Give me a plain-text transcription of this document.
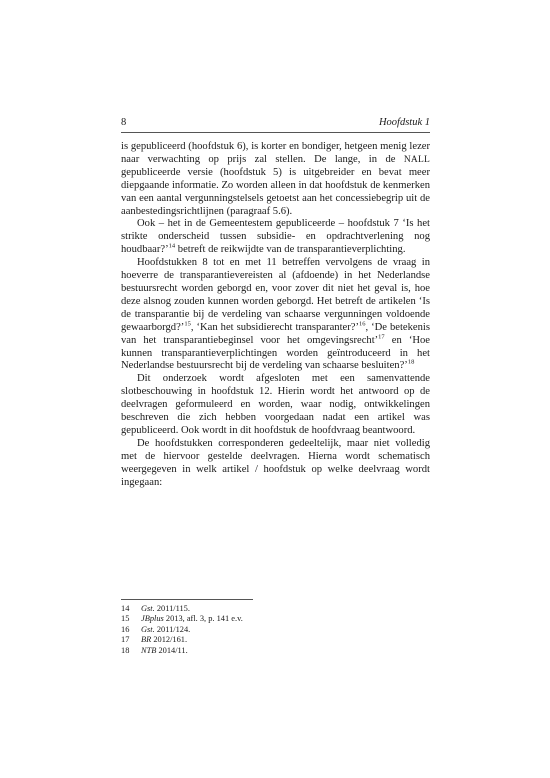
8	Hoofdstuk 1

is gepubliceerd (hoofdstuk 6), is korter en bondiger, hetgeen menig lezer naar verwachting op prijs zal stellen. De lange, in de NALL gepubliceerde versie (hoofdstuk 5) is uitgebreider en bevat meer diepgaande informatie. Zo worden alleen in dat hoofdstuk de kenmerken van een aantal vergunningstelsels getoetst aan het concessiebegrip uit de aanbestedingsrichtlijnen (paragraaf 5.6).

Ook – het in de Gemeentestem gepubliceerde – hoofdstuk 7 ‘Is het strikte onderscheid tussen subsidie- en opdrachtverlening nog houdbaar?’$^{14}$ betreft de reikwijdte van de transparantieverplichting.

Hoofdstukken 8 tot en met 11 betreffen vervolgens de vraag in hoeverre de transparantievereisten al (afdoende) in het Nederlandse bestuursrecht worden geborgd en, voor zover dit niet het geval is, hoe deze alsnog zouden kunnen worden geborgd. Het betreft de artikelen ‘Is de transparantie bij de verdeling van schaarse vergunningen voldoende gewaarborgd?’$^{15}$, ‘Kan het subsidierecht transparanter?’$^{16}$, ‘De betekenis van het transparantiebeginsel voor het omgevingsrecht’$^{17}$ en ‘Hoe kunnen transparantieverplichtingen worden geïntroduceerd in het Nederlandse bestuursrecht bij de verdeling van schaarse besluiten?’$^{18}$

Dit onderzoek wordt afgesloten met een samenvattende slotbeschouwing in hoofdstuk 12. Hierin wordt het antwoord op de deelvragen geformuleerd en worden, waar nodig, ontwikkelingen beschreven die zich hebben voorgedaan nadat een artikel was gepubliceerd. Ook wordt in dit hoofdstuk de hoofdvraag beantwoord.

De hoofdstukken corresponderen gedeeltelijk, maar niet volledig met de hiervoor gestelde deelvragen. Hierna wordt schematisch weergegeven in welk artikel / hoofdstuk op welke deelvraag wordt ingegaan:

14	Gst. 2011/115.
15	JBplus 2013, afl. 3, p. 141 e.v.
16	Gst. 2011/124.
17	BR 2012/161.
18	NTB 2014/11.
